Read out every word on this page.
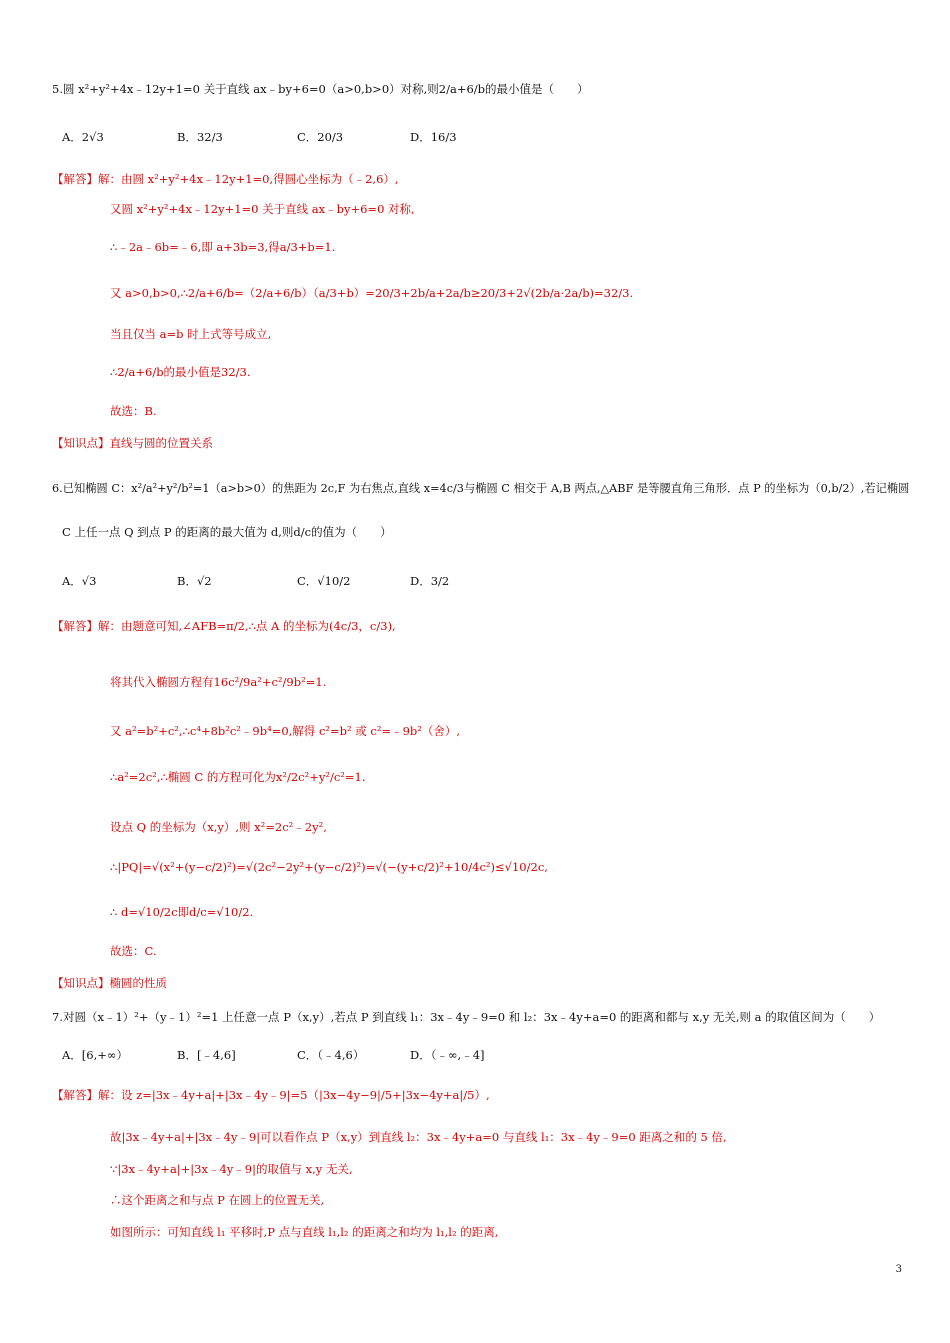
5.圆 x²+y²+4x﹣12y+1=0 关于直线 ax﹣by+6=0（a>0,b>0）对称,则2/a+6/b的最小值是（　　）
A．2√3	B．32/3	C．20/3	D．16/3
【解答】解：由圆 x²+y²+4x﹣12y+1=0,得圆心坐标为（﹣2,6）,
又圆 x²+y²+4x﹣12y+1=0 关于直线 ax﹣by+6=0 对称,
∴﹣2a﹣6b=﹣6,即 a+3b=3,得a/3+b=1.
又 a>0,b>0,∴2/a+6/b=（2/a+6/b）（a/3+b）=20/3+2b/a+2a/b≥20/3+2√(2b/a·2a/b)=32/3.
当且仅当 a=b 时上式等号成立,
∴2/a+6/b的最小值是32/3.
故选：B.
【知识点】直线与圆的位置关系
6.已知椭圆 C：x²/a²+y²/b²=1（a>b>0）的焦距为 2c,F 为右焦点,直线 x=4c/3与椭圆 C 相交于 A,B 两点,△ABF 是等腰直角三角形．点 P 的坐标为（0,b/2）,若记椭圆
C 上任一点 Q 到点 P 的距离的最大值为 d,则d/c的值为（　　）
A．√3	B．√2	C．√10/2	D．3/2
【解答】解：由题意可知,∠AFB=π/2,∴点 A 的坐标为(4c/3，c/3),
将其代入椭圆方程有16c²/9a²+c²/9b²=1.
又 a²=b²+c²,∴c⁴+8b²c²﹣9b⁴=0,解得 c²=b² 或 c²=﹣9b²（舍）,
∴a²=2c²,∴椭圆 C 的方程可化为x²/2c²+y²/c²=1.
设点 Q 的坐标为（x,y）,则 x²=2c²﹣2y²,
∴|PQ|=√(x²+(y−c/2)²)=√(2c²−2y²+(y−c/2)²)=√(−(y+c/2)²+10/4c²)≤√10/2c,
∴ d=√10/2c即d/c=√10/2.
故选：C.
【知识点】椭圆的性质
7.对圆（x﹣1）²+（y﹣1）²=1 上任意一点 P（x,y）,若点 P 到直线 l₁：3x﹣4y﹣9=0 和 l₂：3x﹣4y+a=0 的距离和都与 x,y 无关,则 a 的取值区间为（　　）
A．[6,+∞）	B．[﹣4,6]	C．（﹣4,6）	D．（﹣∞,﹣4]
【解答】解：设 z=|3x﹣4y+a|+|3x﹣4y﹣9|=5（|3x−4y−9|/5+|3x−4y+a|/5）,
故|3x﹣4y+a|+|3x﹣4y﹣9|可以看作点 P（x,y）到直线 l₂：3x﹣4y+a=0 与直线 l₁：3x﹣4y﹣9=0 距离之和的 5 倍,
∵|3x﹣4y+a|+|3x﹣4y﹣9|的取值与 x,y 无关,
∴这个距离之和与点 P 在圆上的位置无关,
如图所示：可知直线 l₁ 平移时,P 点与直线 l₁,l₂ 的距离之和均为 l₁,l₂ 的距离,
3
